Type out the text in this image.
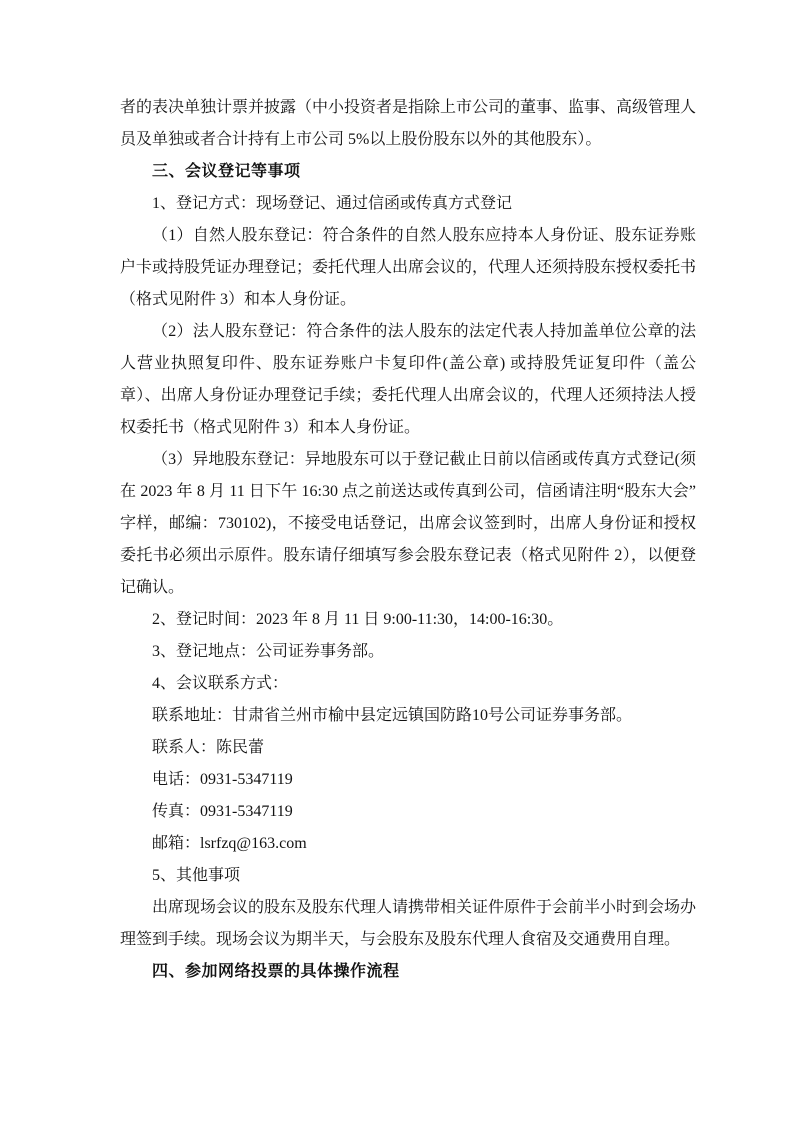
者的表决单独计票并披露（中小投资者是指除上市公司的董事、监事、高级管理人员及单独或者合计持有上市公司 5%以上股份股东以外的其他股东）。

三、会议登记等事项

1、登记方式：现场登记、通过信函或传真方式登记

（1）自然人股东登记：符合条件的自然人股东应持本人身份证、股东证券账户卡或持股凭证办理登记；委托代理人出席会议的，代理人还须持股东授权委托书（格式见附件 3）和本人身份证。

（2）法人股东登记：符合条件的法人股东的法定代表人持加盖单位公章的法人营业执照复印件、股东证券账户卡复印件(盖公章) 或持股凭证复印件（盖公章）、出席人身份证办理登记手续；委托代理人出席会议的，代理人还须持法人授权委托书（格式见附件 3）和本人身份证。

（3）异地股东登记：异地股东可以于登记截止日前以信函或传真方式登记(须在 2023 年 8 月 11 日下午 16:30 点之前送达或传真到公司，信函请注明“股东大会”字样，邮编：730102)，不接受电话登记，出席会议签到时，出席人身份证和授权委托书必须出示原件。股东请仔细填写参会股东登记表（格式见附件 2），以便登记确认。

2、登记时间：2023 年 8 月 11 日 9:00-11:30，14:00-16:30。

3、登记地点：公司证券事务部。

4、会议联系方式：

联系地址：甘肃省兰州市榆中县定远镇国防路10号公司证券事务部。

联系人：陈民蕾

电话：0931-5347119

传真：0931-5347119

邮箱：lsrfzq@163.com

5、其他事项

出席现场会议的股东及股东代理人请携带相关证件原件于会前半小时到会场办理签到手续。现场会议为期半天，与会股东及股东代理人食宿及交通费用自理。

四、参加网络投票的具体操作流程
